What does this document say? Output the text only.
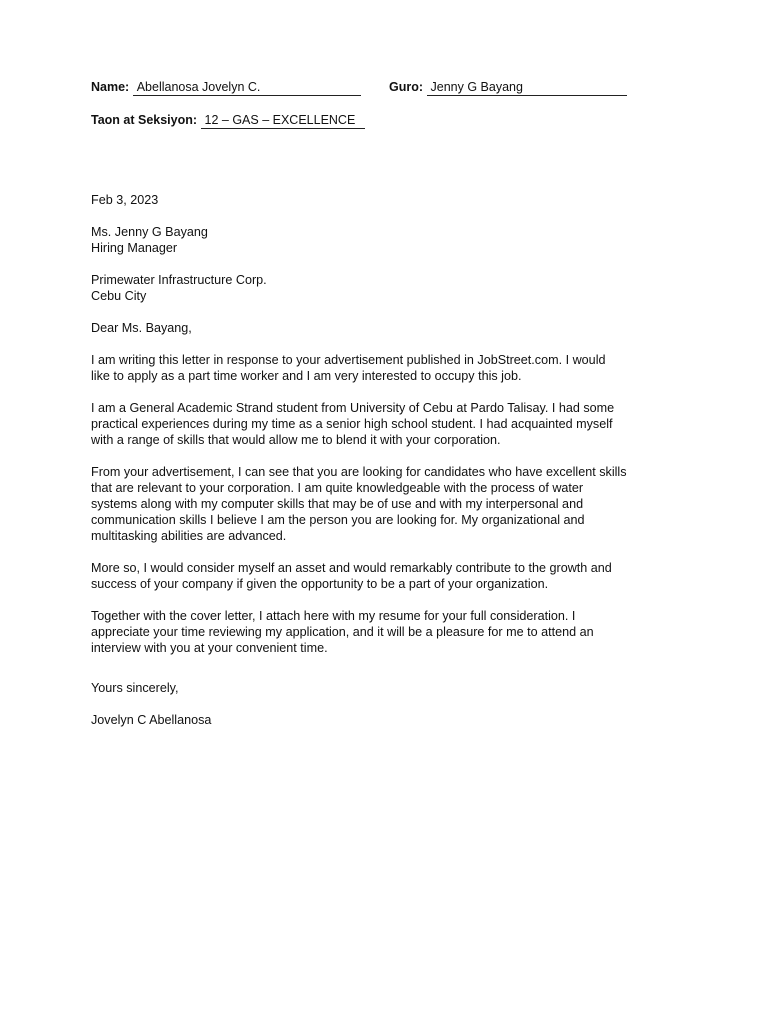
Name: Abellanosa Jovelyn C.	Guro: Jenny G Bayang
Taon at Seksiyon: 12 – GAS – EXCELLENCE

Feb 3, 2023

Ms. Jenny G Bayang
Hiring Manager

Primewater Infrastructure Corp.
Cebu City

Dear Ms. Bayang,

I am writing this letter in response to your advertisement published in JobStreet.com. I would
like to apply as a part time worker and I am very interested to occupy this job.

I am a General Academic Strand student from University of Cebu at Pardo Talisay. I had some
practical experiences during my time as a senior high school student. I had acquainted myself
with a range of skills that would allow me to blend it with your corporation.

From your advertisement, I can see that you are looking for candidates who have excellent skills
that are relevant to your corporation. I am quite knowledgeable with the process of water
systems along with my computer skills that may be of use and with my interpersonal and
communication skills I believe I am the person you are looking for. My organizational and
multitasking abilities are advanced.

More so, I would consider myself an asset and would remarkably contribute to the growth and
success of your company if given the opportunity to be a part of your organization.

Together with the cover letter, I attach here with my resume for your full consideration. I
appreciate your time reviewing my application, and it will be a pleasure for me to attend an
interview with you at your convenient time.

Yours sincerely,

Jovelyn C Abellanosa
